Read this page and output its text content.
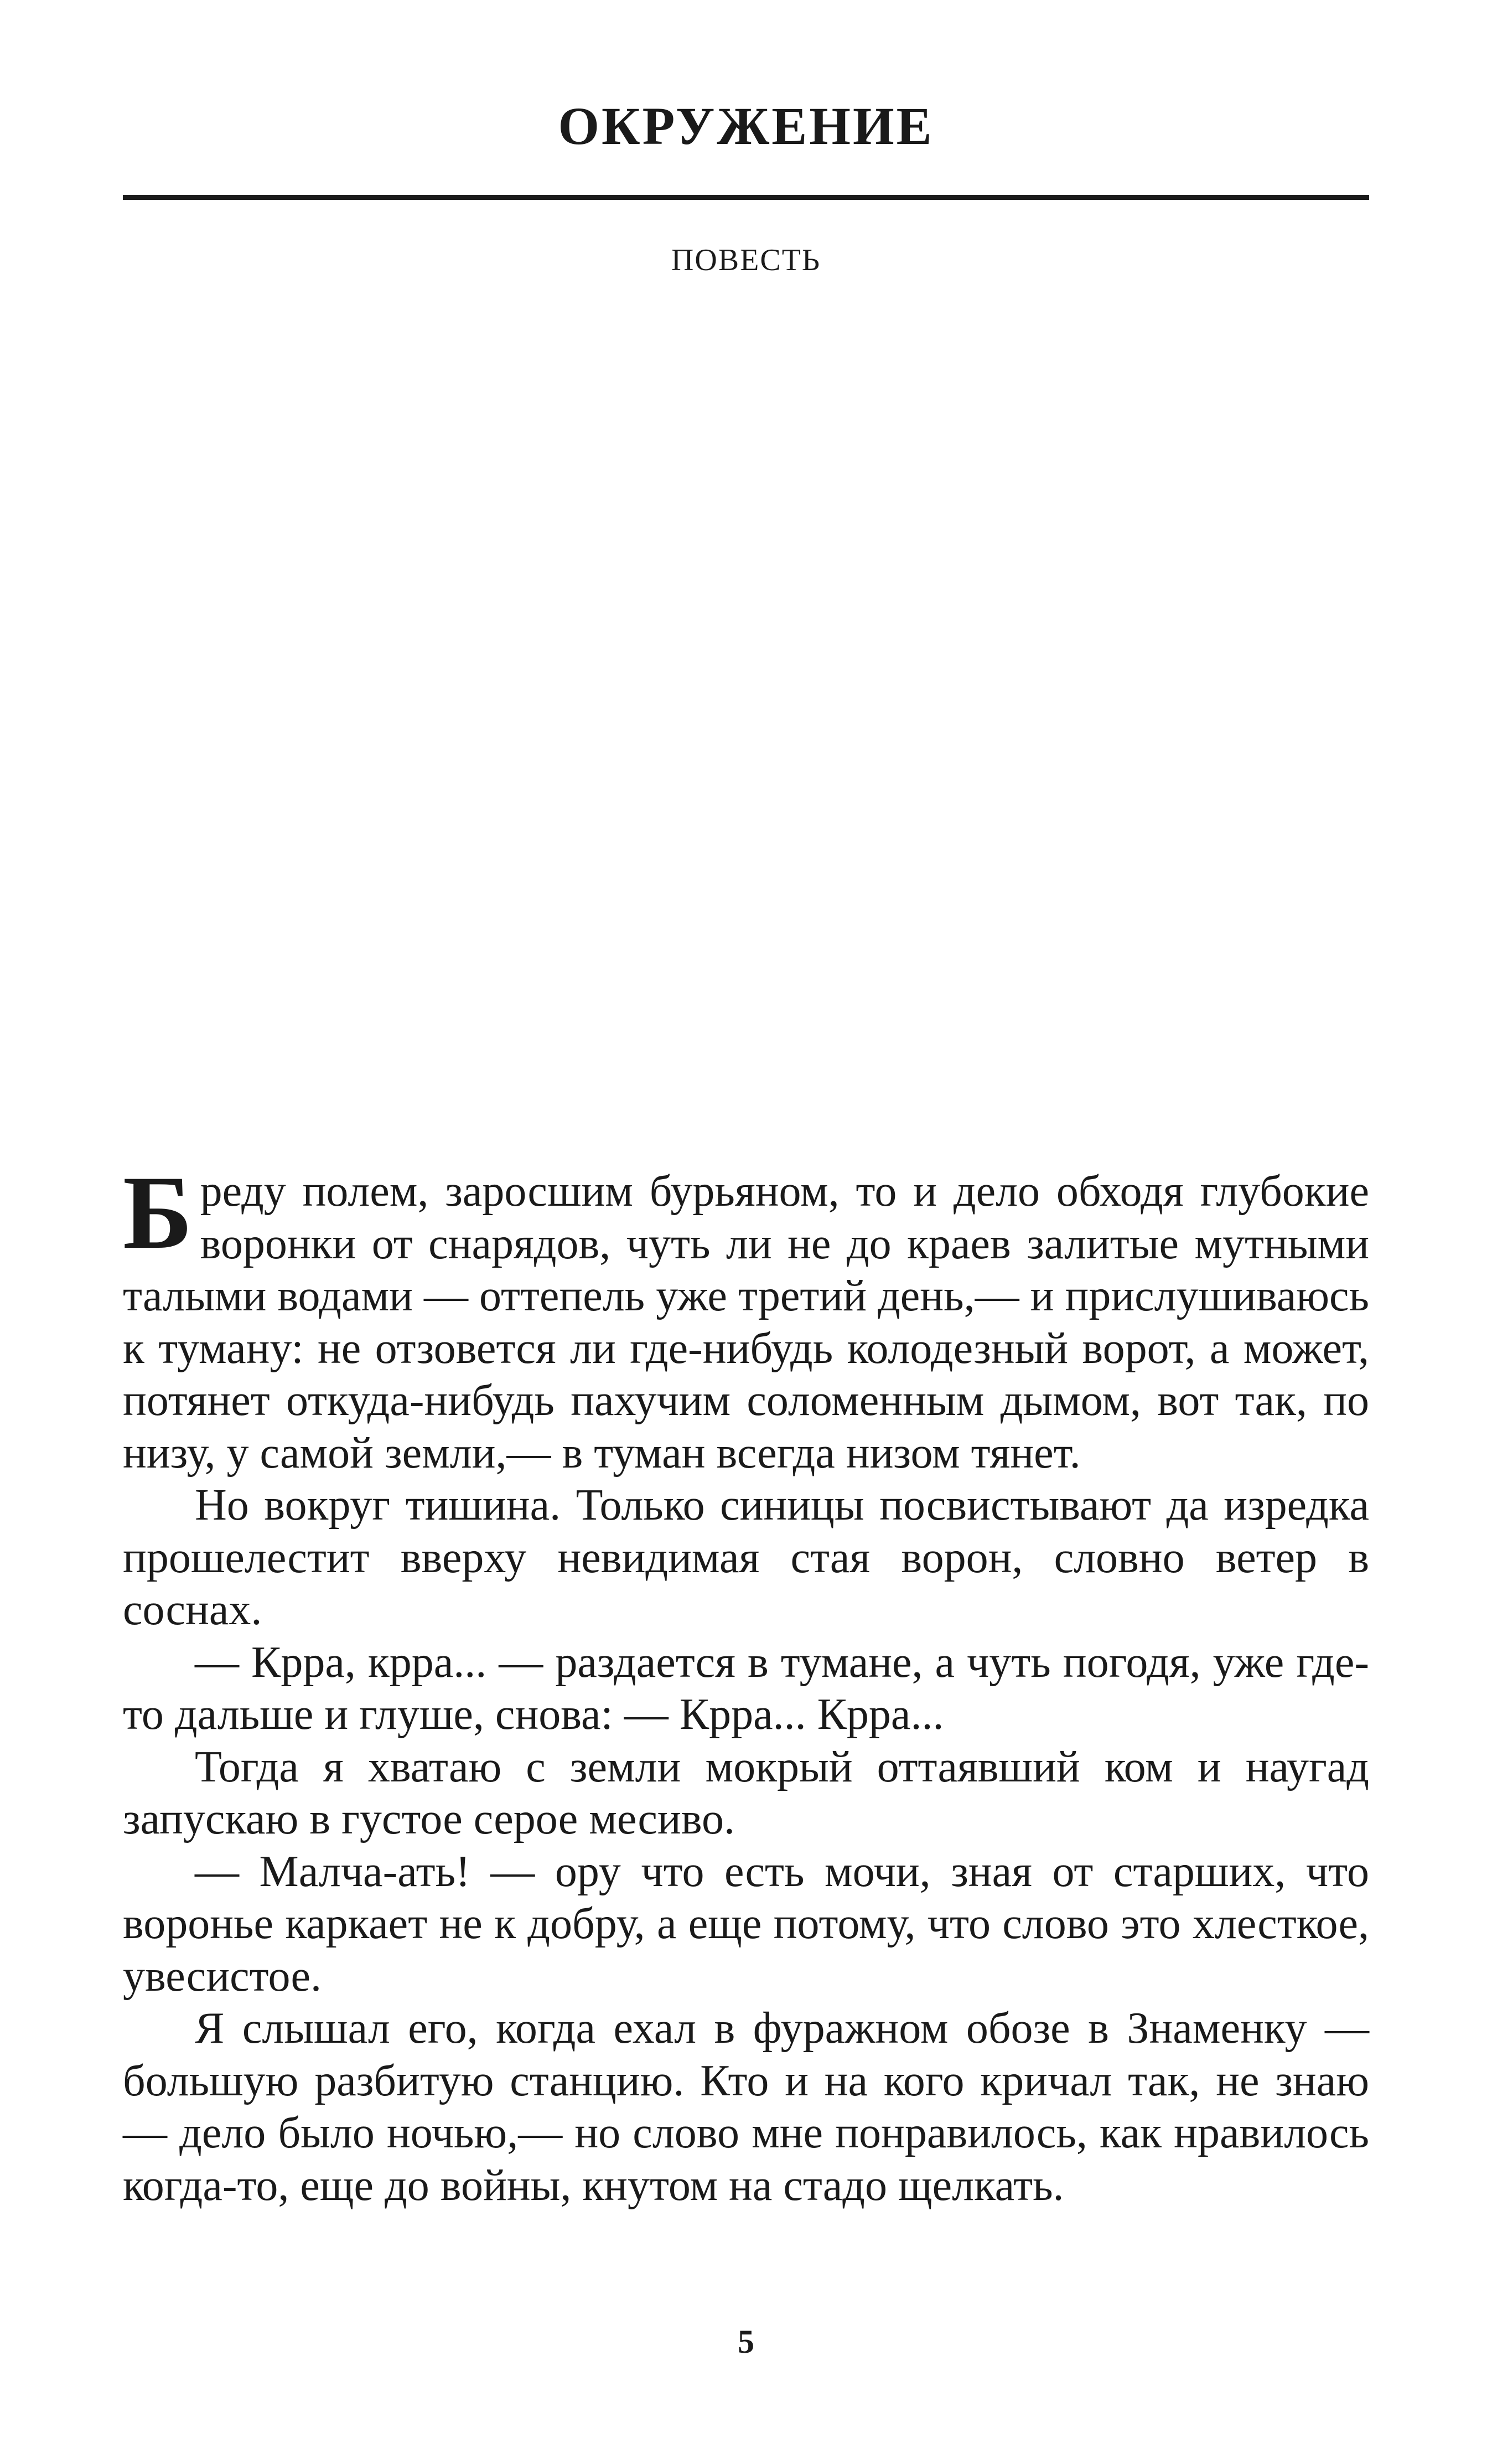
ОКРУЖЕНИЕ
ПОВЕСТЬ

Бреду полем, заросшим бурьяном, то и дело обходя глубокие воронки от снарядов, чуть ли не до краев залитые мутными талыми водами — оттепель уже третий день,— и прислушиваюсь к туману: не отзовется ли где-нибудь колодезный ворот, а может, потянет откуда-нибудь пахучим соломенным дымом, вот так, по низу, у самой земли,— в туман всегда низом тянет.

Но вокруг тишина. Только синицы посвистывают да изредка прошелестит вверху невидимая стая ворон, словно ветер в соснах.

— Крра, крра... — раздается в тумане, а чуть погодя, уже где-то дальше и глуше, снова: — Крра... Крра...

Тогда я хватаю с земли мокрый оттаявший ком и наугад запускаю в густое серое месиво.

— Малча-ать! — ору что есть мочи, зная от старших, что воронье каркает не к добру, а еще потому, что слово это хлесткое, увесистое.

Я слышал его, когда ехал в фуражном обозе в Знаменку — большую разбитую станцию. Кто и на кого кричал так, не знаю — дело было ночью,— но слово мне понравилось, как нравилось когда-то, еще до войны, кнутом на стадо щелкать.

5
